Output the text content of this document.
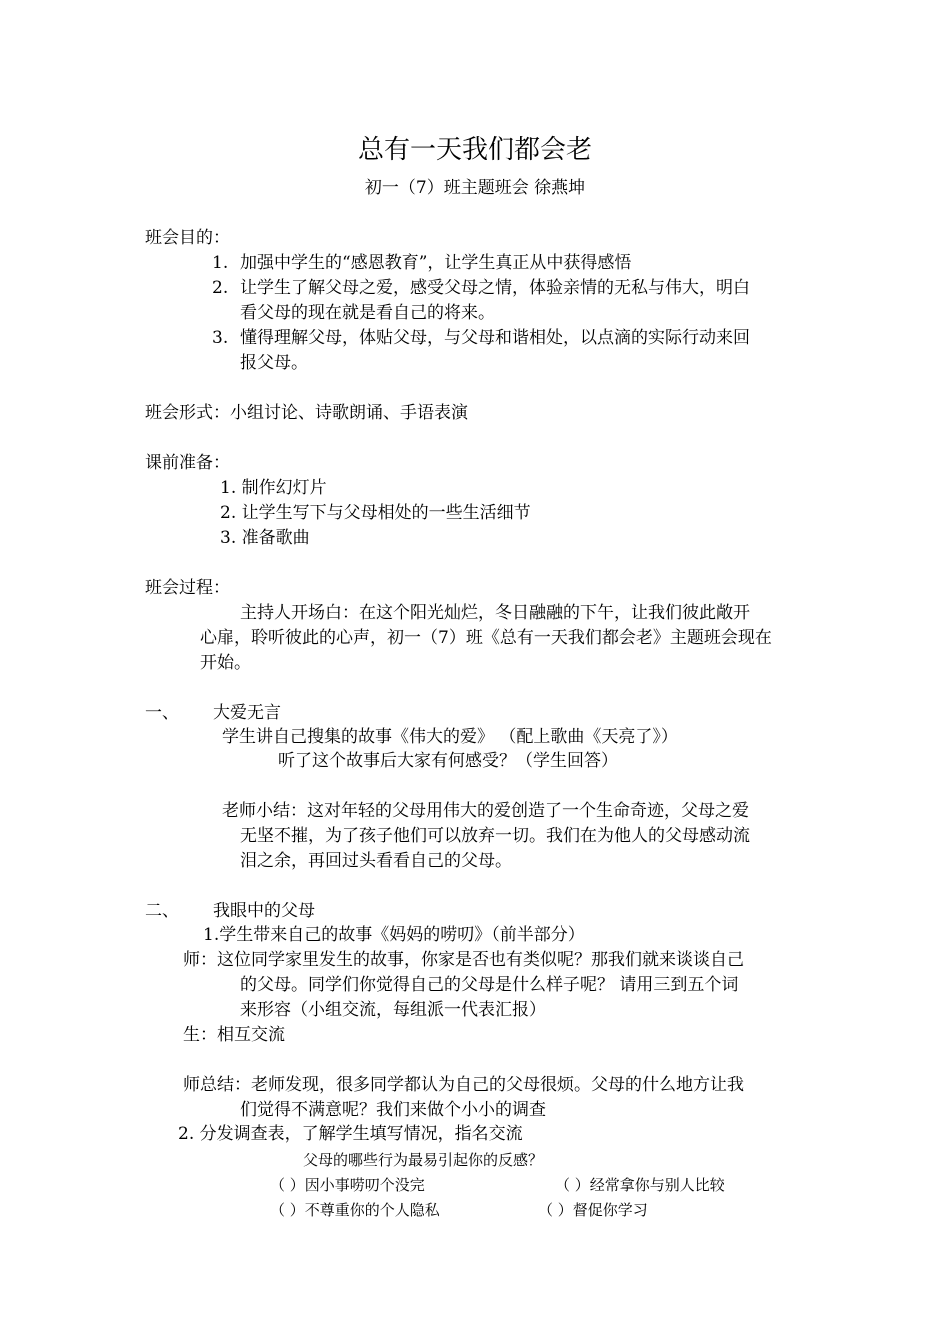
总有一天我们都会老
初一（7）班主题班会 徐燕坤
班会目的：
1. 加强中学生的“感恩教育”，让学生真正从中获得感悟
2. 让学生了解父母之爱，感受父母之情，体验亲情的无私与伟大，明白
看父母的现在就是看自己的将来。
3. 懂得理解父母，体贴父母，与父母和谐相处，以点滴的实际行动来回
报父母。
班会形式：小组讨论、诗歌朗诵、手语表演
课前准备：
1. 制作幻灯片
2. 让学生写下与父母相处的一些生活细节
3. 准备歌曲
班会过程：
主持人开场白：在这个阳光灿烂，冬日融融的下午，让我们彼此敞开
心扉，聆听彼此的心声，初一（7）班《总有一天我们都会老》主题班会现在
开始。
一、 大爱无言
学生讲自己搜集的故事《伟大的爱》 （配上歌曲《天亮了》）
听了这个故事后大家有何感受？（学生回答）
老师小结：这对年轻的父母用伟大的爱创造了一个生命奇迹，父母之爱
无坚不摧，为了孩子他们可以放弃一切。我们在为他人的父母感动流
泪之余，再回过头看看自己的父母。
二、 我眼中的父母
1.学生带来自己的故事《妈妈的唠叨》（前半部分）
师：这位同学家里发生的故事，你家是否也有类似呢？那我们就来谈谈自己
的父母。同学们你觉得自己的父母是什么样子呢？ 请用三到五个词
来形容（小组交流，每组派一代表汇报）
生：相互交流
师总结：老师发现，很多同学都认为自己的父母很烦。父母的什么地方让我
们觉得不满意呢？我们来做个小小的调查
2. 分发调查表，了解学生填写情况，指名交流
父母的哪些行为最易引起你的反感？
（ ）因小事唠叨个没完	（ ）经常拿你与别人比较
（ ）不尊重你的个人隐私	（ ）督促你学习
